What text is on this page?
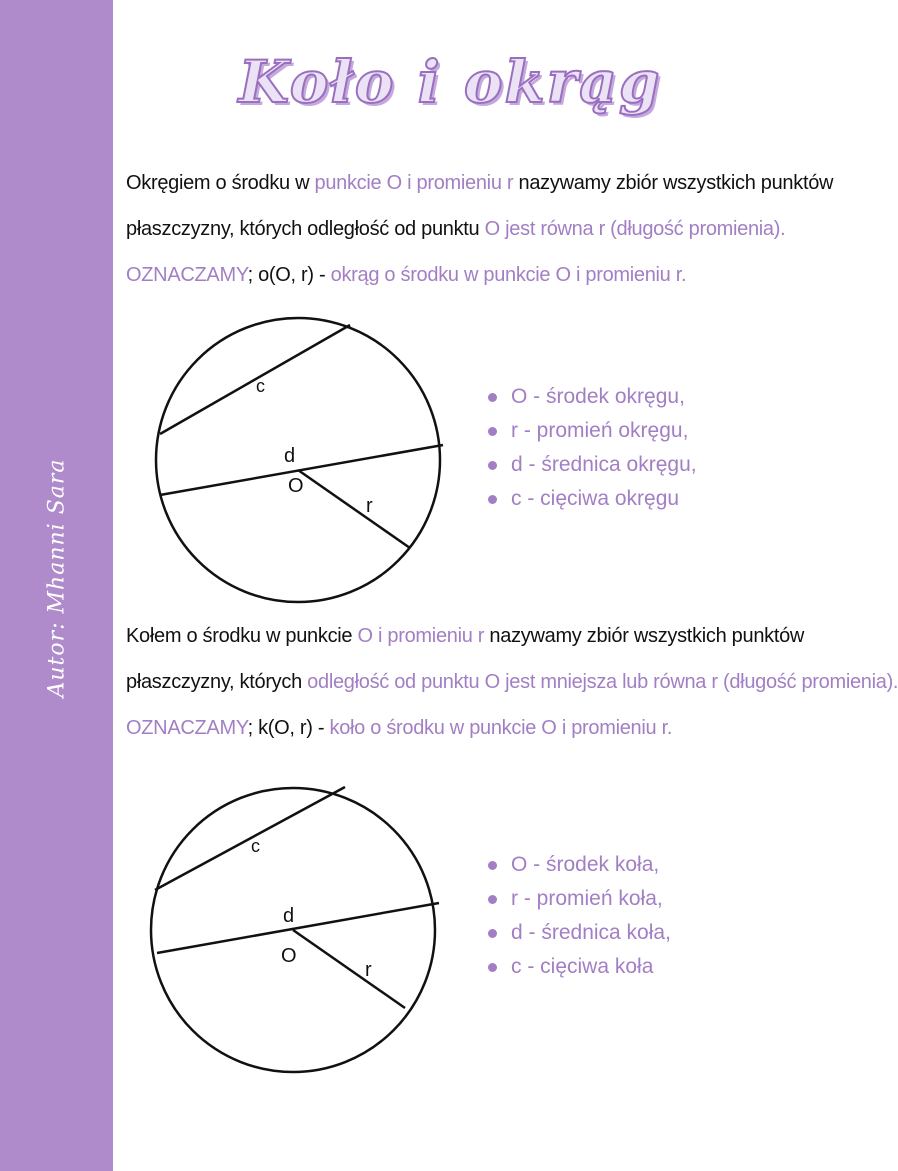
Autor: Mhanni Sara
Koło i okrąg
Okręgiem o środku w punkcie O i promieniu r nazywamy zbiór wszystkich punktów
płaszczyzny, których odległość od punktu O jest równa r (długość promienia).
OZNACZAMY; o(O, r) - okrąg o środku w punkcie O i promieniu r.
c
d
O
r
O - środek okręgu,
r - promień okręgu,
d - średnica okręgu,
c - cięciwa okręgu
Kołem o środku w punkcie O i promieniu r nazywamy zbiór wszystkich punktów
płaszczyzny, których odległość od punktu O jest mniejsza lub równa r (długość promienia).
OZNACZAMY; k(O, r) - koło o środku w punkcie O i promieniu r.
c
d
O
r
O - środek koła,
r - promień koła,
d - średnica koła,
c - cięciwa koła
